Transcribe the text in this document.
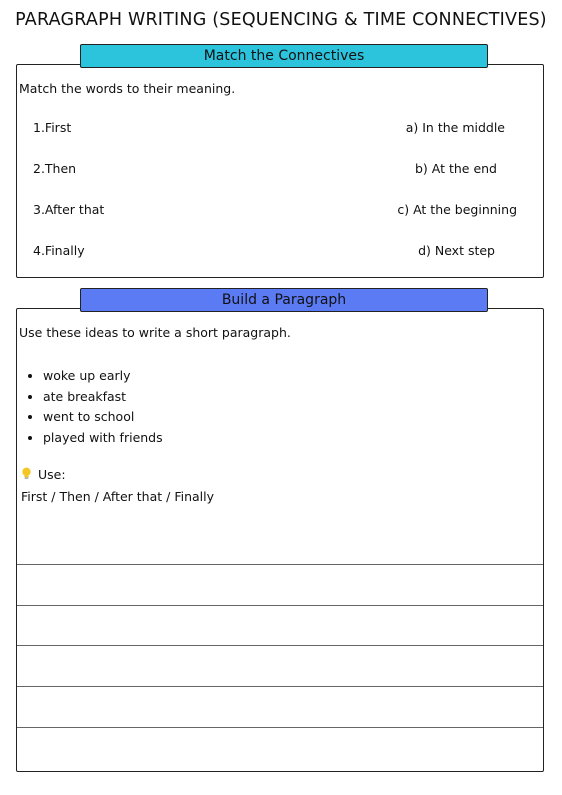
PARAGRAPH WRITING (SEQUENCING & TIME CONNECTIVES)
Match the Connectives
Match the words to their meaning.
1.First	a) In the middle
2.Then	b) At the end
3.After that	c) At the beginning
4.Finally	d) Next step
Build a Paragraph
Use these ideas to write a short paragraph.
• woke up early
• ate breakfast
• went to school
• played with friends
Use:
First / Then / After that / Finally
